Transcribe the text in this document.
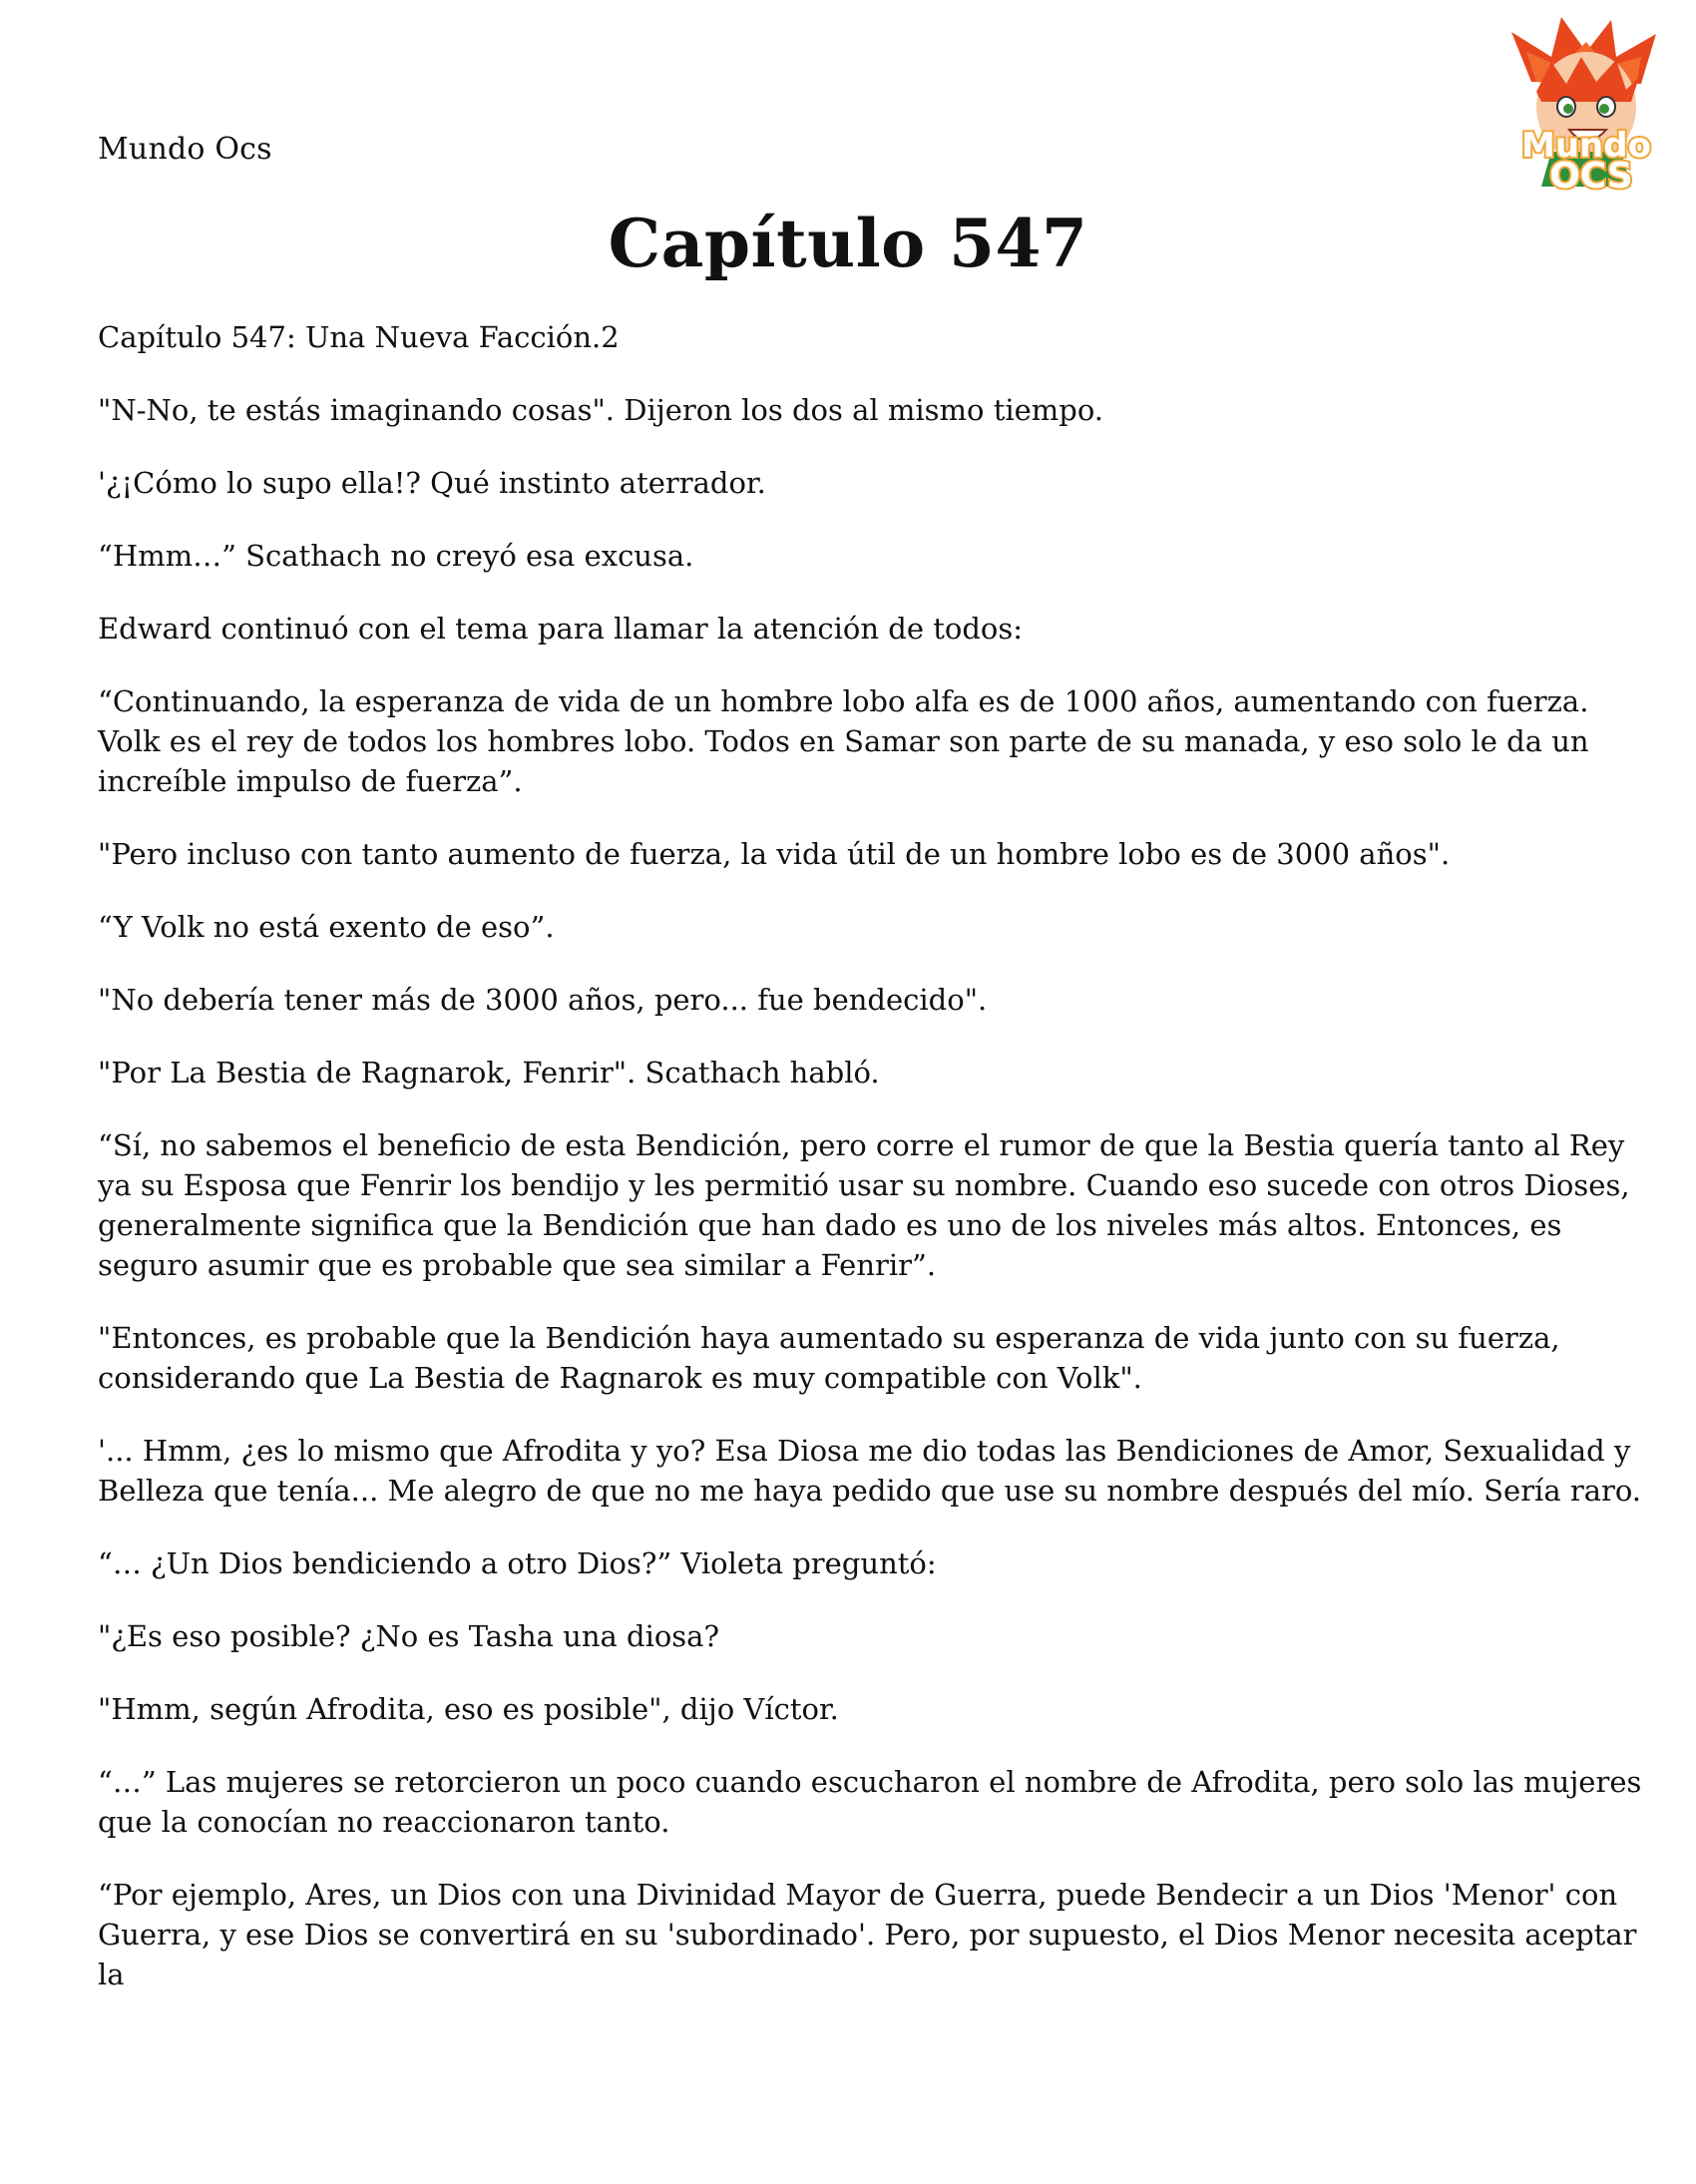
Mundo Ocs	Mundo
OCS
Capítulo 547

Capítulo 547: Una Nueva Facción.2

"N-No, te estás imaginando cosas". Dijeron los dos al mismo tiempo.

'¿¡Cómo lo supo ella!? Qué instinto aterrador.

“Hmm…” Scathach no creyó esa excusa.

Edward continuó con el tema para llamar la atención de todos:

“Continuando, la esperanza de vida de un hombre lobo alfa es de 1000 años, aumentando con fuerza. Volk es el rey de todos los hombres lobo. Todos en Samar son parte de su manada, y eso solo le da un increíble impulso de fuerza”.

"Pero incluso con tanto aumento de fuerza, la vida útil de un hombre lobo es de 3000 años".

“Y Volk no está exento de eso”.

"No debería tener más de 3000 años, pero... fue bendecido".

"Por La Bestia de Ragnarok, Fenrir". Scathach habló.

“Sí, no sabemos el beneficio de esta Bendición, pero corre el rumor de que la Bestia quería tanto al Rey ya su Esposa que Fenrir los bendijo y les permitió usar su nombre. Cuando eso sucede con otros Dioses, generalmente significa que la Bendición que han dado es uno de los niveles más altos. Entonces, es seguro asumir que es probable que sea similar a Fenrir”.

"Entonces, es probable que la Bendición haya aumentado su esperanza de vida junto con su fuerza, considerando que La Bestia de Ragnarok es muy compatible con Volk".

'... Hmm, ¿es lo mismo que Afrodita y yo? Esa Diosa me dio todas las Bendiciones de Amor, Sexualidad y Belleza que tenía... Me alegro de que no me haya pedido que use su nombre después del mío. Sería raro.

“… ¿Un Dios bendiciendo a otro Dios?” Violeta preguntó:

"¿Es eso posible? ¿No es Tasha una diosa?

"Hmm, según Afrodita, eso es posible", dijo Víctor.

“…” Las mujeres se retorcieron un poco cuando escucharon el nombre de Afrodita, pero solo las mujeres que la conocían no reaccionaron tanto.

“Por ejemplo, Ares, un Dios con una Divinidad Mayor de Guerra, puede Bendecir a un Dios 'Menor' con Guerra, y ese Dios se convertirá en su 'subordinado'. Pero, por supuesto, el Dios Menor necesita aceptar la
